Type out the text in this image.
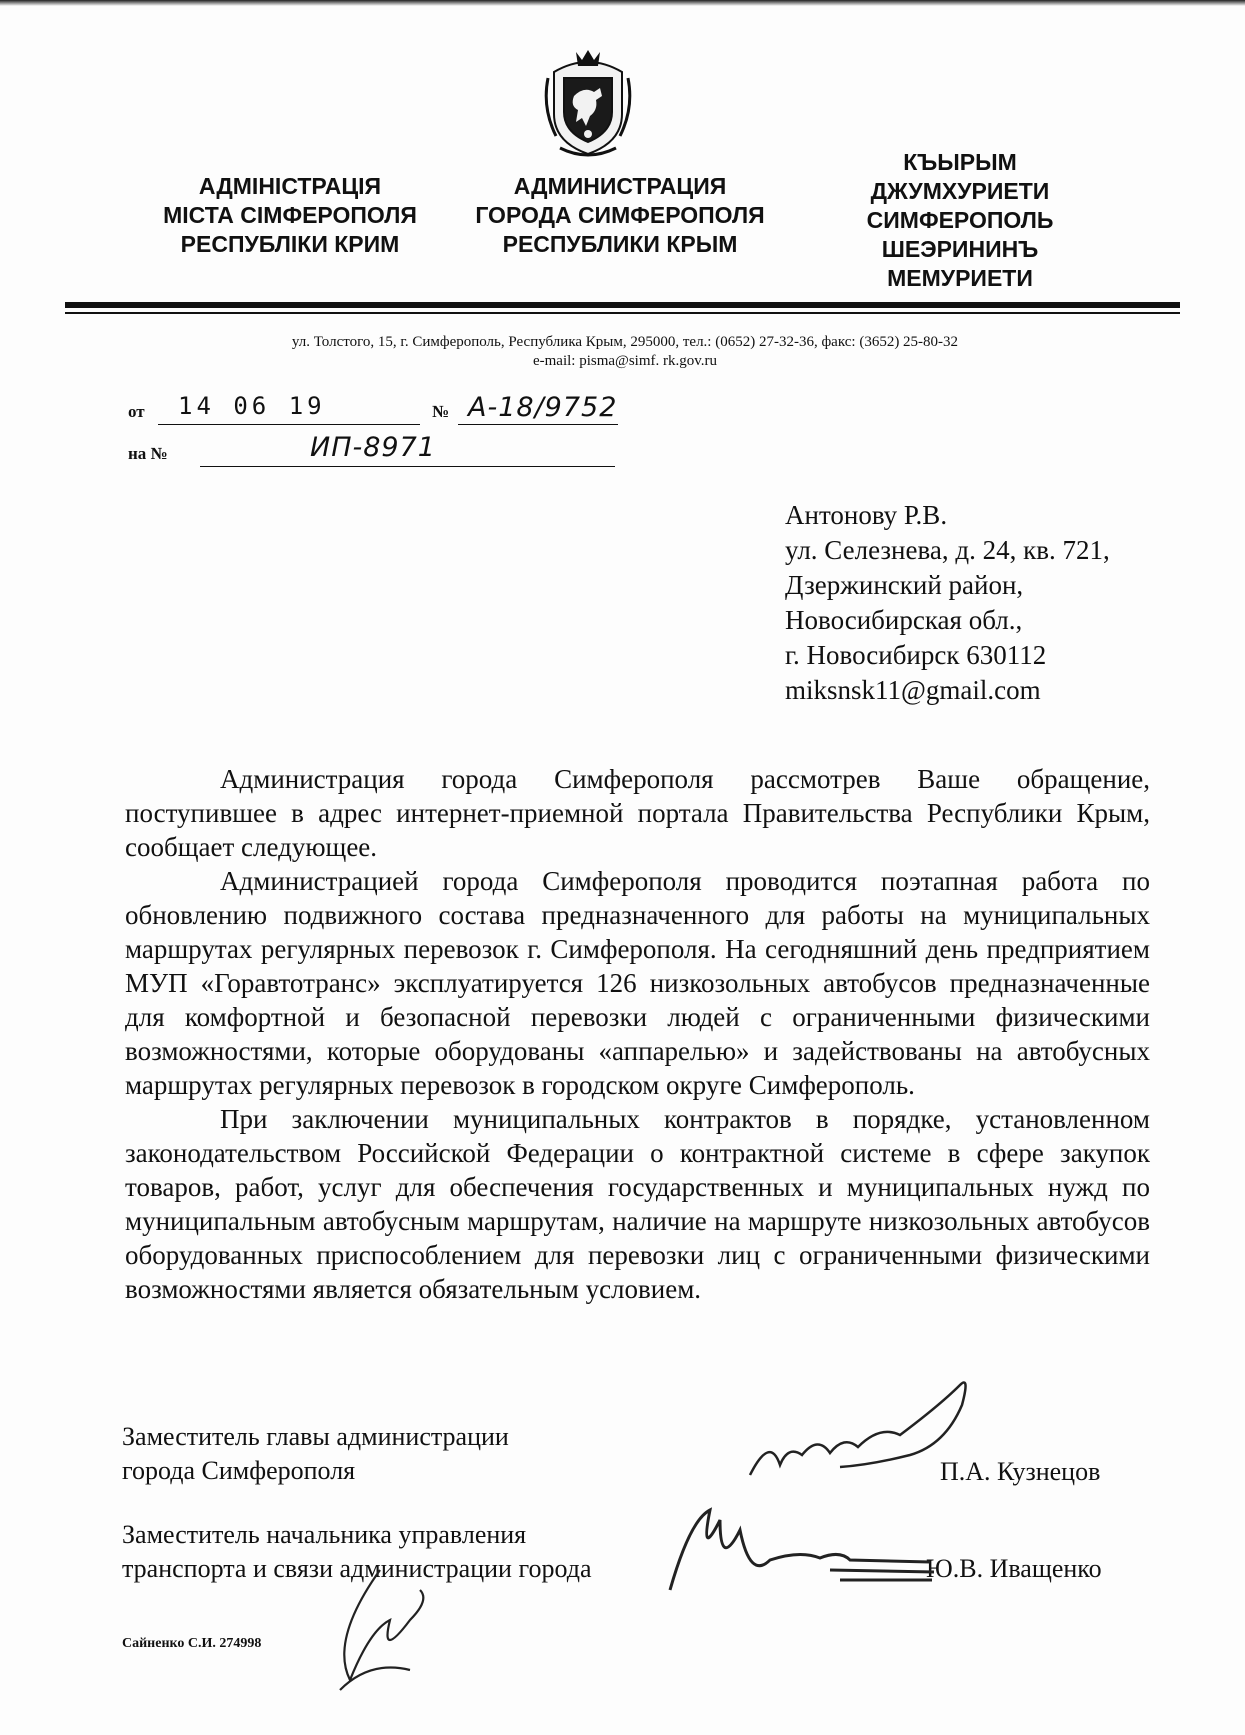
АДМІНІСТРАЦІЯ
МІСТА СІМФЕРОПОЛЯ
РЕСПУБЛІКИ КРИМ
АДМИНИСТРАЦИЯ
ГОРОДА СИМФЕРОПОЛЯ
РЕСПУБЛИКИ КРЫМ
КЪЫРЫМ
ДЖУМХУРИЕТИ
СИМФЕРОПОЛЬ
ШЕЭРИНИНЪ
МЕМУРИЕТИ
ул. Толстого, 15, г. Симферополь, Республика Крым, 295000, тел.: (0652) 27-32-36, факс: (3652) 25-80-32
e-mail: pisma@simf. rk.gov.ru
от 14 06 19	№ А-18/9752
на №	ИП-8971
Антонову Р.В.
ул. Селезнева, д. 24, кв. 721,
Дзержинский район,
Новосибирская обл.,
г. Новосибирск 630112
miksnsk11@gmail.com

Администрация города Симферополя рассмотрев Ваше обращение, поступившее в адрес интернет-приемной портала Правительства Республики Крым, сообщает следующее.

Администрацией города Симферополя проводится поэтапная работа по обновлению подвижного состава предназначенного для работы на муниципальных маршрутах регулярных перевозок г. Симферополя. На сегодняшний день предприятием МУП «Горавтотранс» эксплуатируется 126 низкозольных автобусов предназначенные для комфортной и безопасной перевозки людей с ограниченными физическими возможностями, которые оборудованы «аппарелью» и задействованы на автобусных маршрутах регулярных перевозок в городском округе Симферополь.

При заключении муниципальных контрактов в порядке, установленном законодательством Российской Федерации о контрактной системе в сфере закупок товаров, работ, услуг для обеспечения государственных и муниципальных нужд по муниципальным автобусным маршрутам, наличие на маршруте низкозольных автобусов оборудованных приспособлением для перевозки лиц с ограниченными физическими возможностями является обязательным условием.

Заместитель главы администрации
города Симферополя	П.А. Кузнецов
Заместитель начальника управления
транспорта и связи администрации города	Ю.В. Иващенко
Сайненко С.И. 274998
